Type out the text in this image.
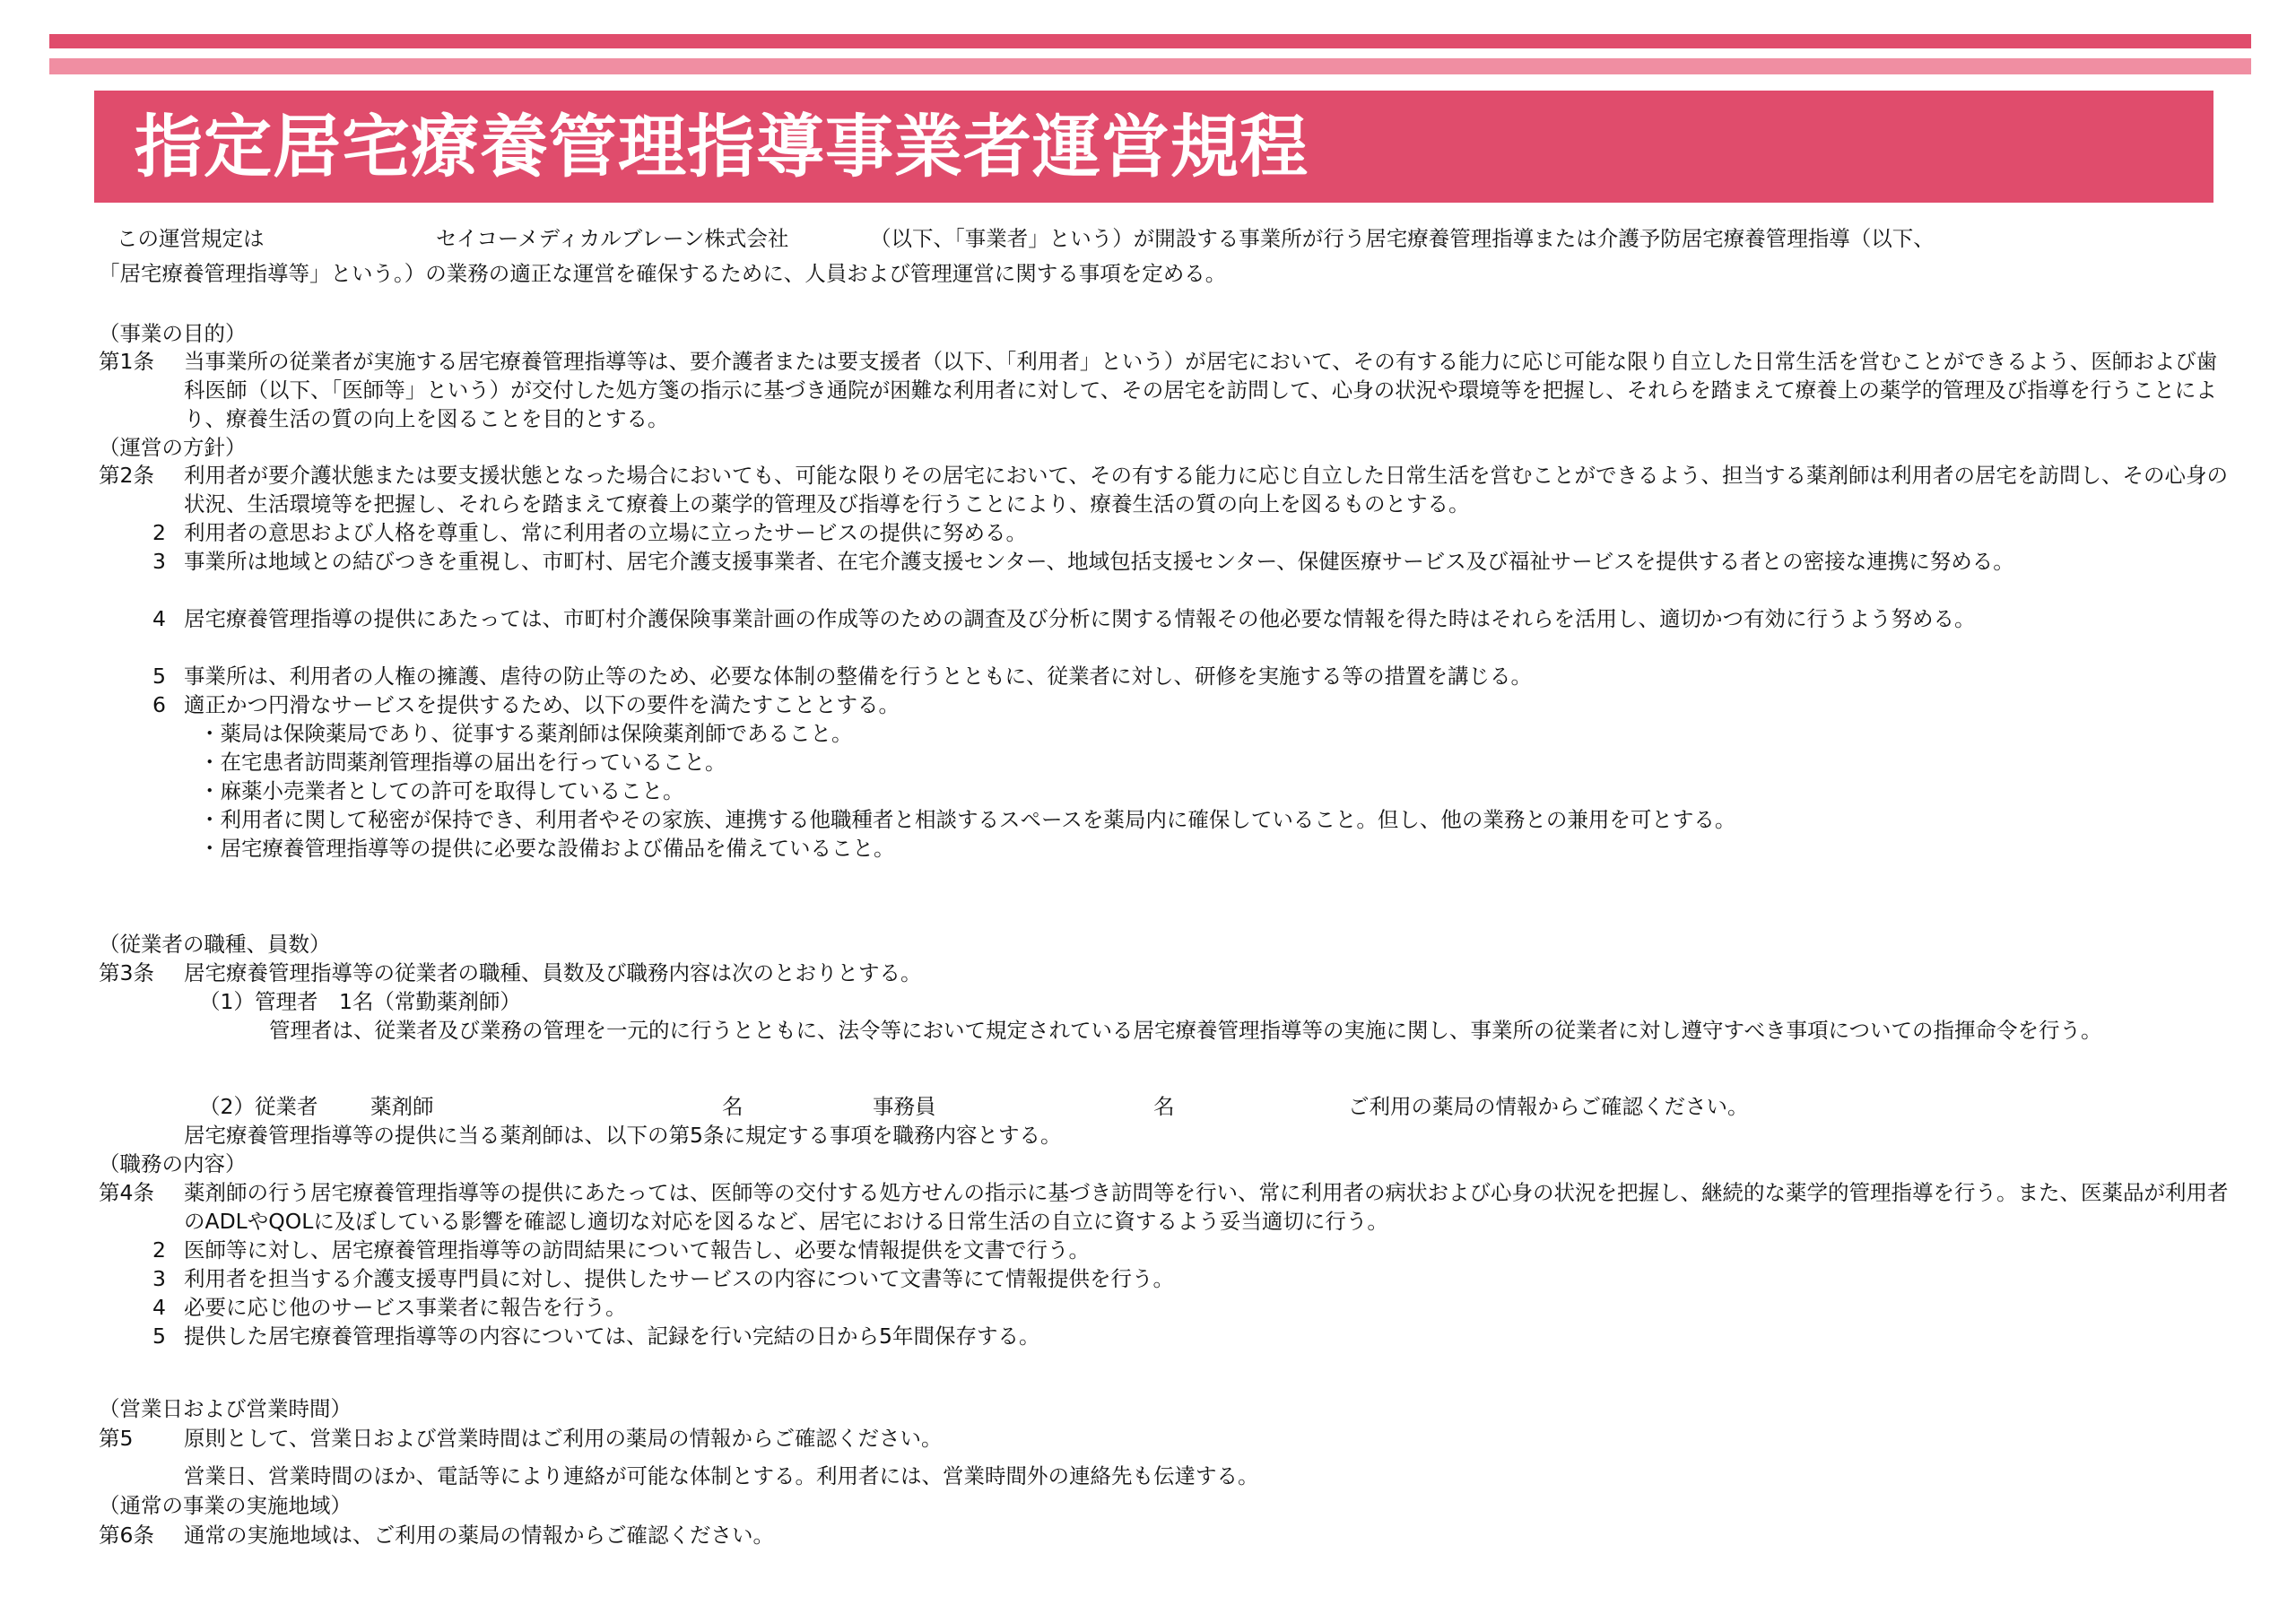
指定居宅療養管理指導事業者運営規程

この運営規定は	セイコーメディカルブレーン株式会社	（以下、「事業者」という）が開設する事業所が行う居宅療養管理指導または介護予防居宅療養管理指導（以下、

「居宅療養管理指導等」という。）の業務の適正な運営を確保するために、人員および管理運営に関する事項を定める。

（事業の目的）

第1条 当事業所の従業者が実施する居宅療養管理指導等は、要介護者または要支援者（以下、「利用者」という）が居宅において、その有する能力に応じ可能な限り自立した日常生活を営むことができるよう、医師および歯科医師（以下、「医師等」という）が交付した処方箋の指示に基づき通院が困難な利用者に対して、その居宅を訪問して、心身の状況や環境等を把握し、それらを踏まえて療養上の薬学的管理及び指導を行うことにより、療養生活の質の向上を図ることを目的とする。

（運営の方針）

第2条 利用者が要介護状態または要支援状態となった場合においても、可能な限りその居宅において、その有する能力に応じ自立した日常生活を営むことができるよう、担当する薬剤師は利用者の居宅を訪問し、その心身の状況、生活環境等を把握し、それらを踏まえて療養上の薬学的管理及び指導を行うことにより、療養生活の質の向上を図るものとする。

2 利用者の意思および人格を尊重し、常に利用者の立場に立ったサービスの提供に努める。

3 事業所は地域との結びつきを重視し、市町村、居宅介護支援事業者、在宅介護支援センター、地域包括支援センター、保健医療サービス及び福祉サービスを提供する者との密接な連携に努める。

4 居宅療養管理指導の提供にあたっては、市町村介護保険事業計画の作成等のための調査及び分析に関する情報その他必要な情報を得た時はそれらを活用し、適切かつ有効に行うよう努める。

5 事業所は、利用者の人権の擁護、虐待の防止等のため、必要な体制の整備を行うとともに、従業者に対し、研修を実施する等の措置を講じる。

6 適正かつ円滑なサービスを提供するため、以下の要件を満たすこととする。

・薬局は保険薬局であり、従事する薬剤師は保険薬剤師であること。

・在宅患者訪問薬剤管理指導の届出を行っていること。

・麻薬小売業者としての許可を取得していること。

・利用者に関して秘密が保持でき、利用者やその家族、連携する他職種者と相談するスペースを薬局内に確保していること。但し、他の業務との兼用を可とする。

・居宅療養管理指導等の提供に必要な設備および備品を備えていること。

（従業者の職種、員数）

第3条 居宅療養管理指導等の従業者の職種、員数及び職務内容は次のとおりとする。

（1）管理者　1名（常勤薬剤師）

管理者は、従業者及び業務の管理を一元的に行うとともに、法令等において規定されている居宅療養管理指導等の実施に関し、事業所の従業者に対し遵守すべき事項についての指揮命令を行う。

（2）従業者 薬剤師	名	事務員	名	ご利用の薬局の情報からご確認ください。

居宅療養管理指導等の提供に当る薬剤師は、以下の第5条に規定する事項を職務内容とする。

（職務の内容）

第4条 薬剤師の行う居宅療養管理指導等の提供にあたっては、医師等の交付する処方せんの指示に基づき訪問等を行い、常に利用者の病状および心身の状況を把握し、継続的な薬学的管理指導を行う。また、医薬品が利用者のADLやQOLに及ぼしている影響を確認し適切な対応を図るなど、居宅における日常生活の自立に資するよう妥当適切に行う。

2 医師等に対し、居宅療養管理指導等の訪問結果について報告し、必要な情報提供を文書で行う。

3 利用者を担当する介護支援専門員に対し、提供したサービスの内容について文書等にて情報提供を行う。

4 必要に応じ他のサービス事業者に報告を行う。

5 提供した居宅療養管理指導等の内容については、記録を行い完結の日から5年間保存する。

（営業日および営業時間）

第5 原則として、営業日および営業時間はご利用の薬局の情報からご確認ください。

営業日、営業時間のほか、電話等により連絡が可能な体制とする。利用者には、営業時間外の連絡先も伝達する。

（通常の事業の実施地域）

第6条 通常の実施地域は、ご利用の薬局の情報からご確認ください。
